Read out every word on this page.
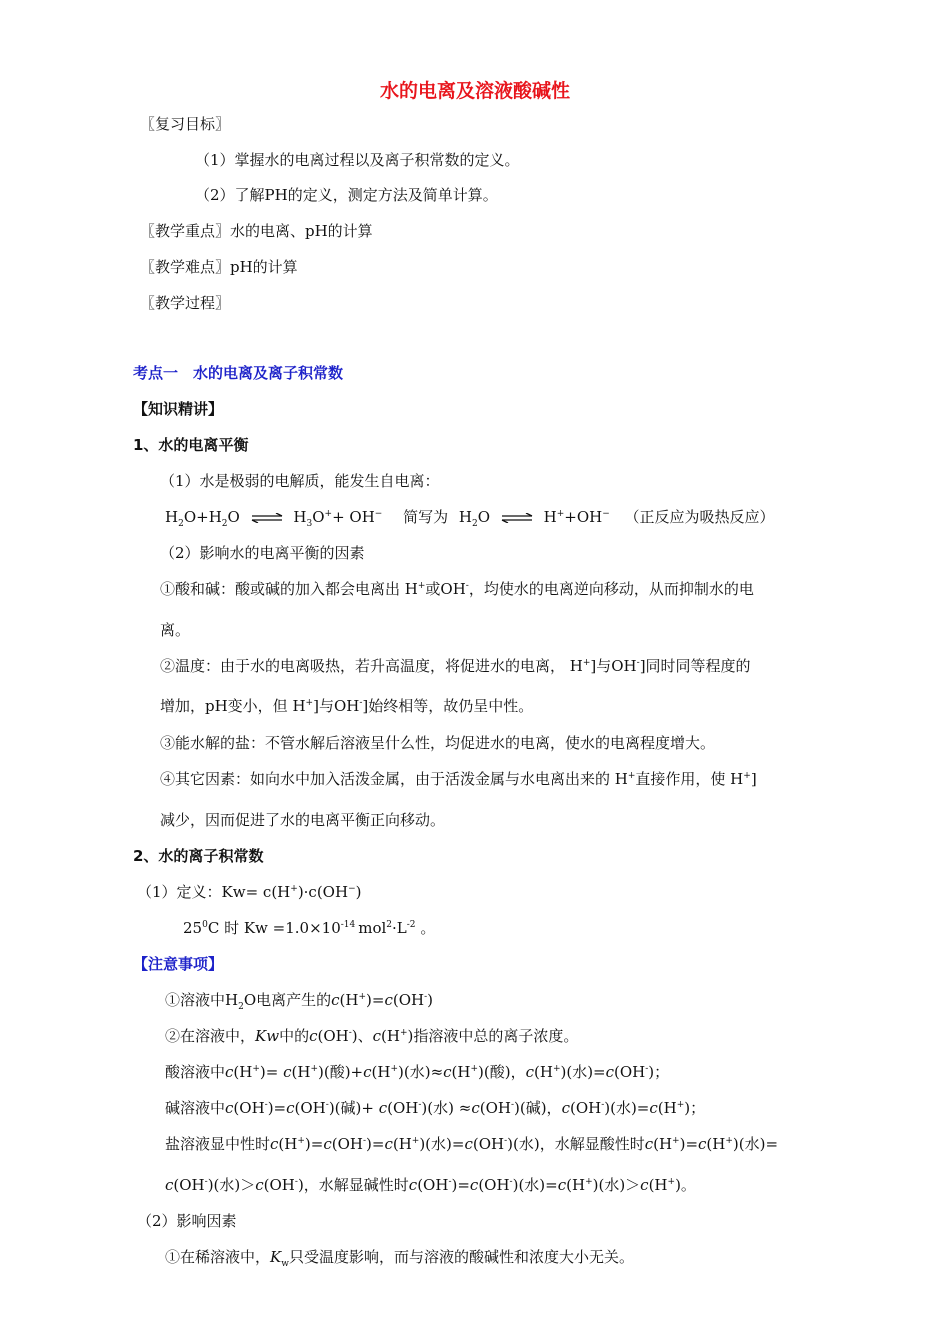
水的电离及溶液酸碱性
〖复习目标〗
（1）掌握水的电离过程以及离子积常数的定义。
（2）了解PH的定义，测定方法及简单计算。
〖教学重点〗水的电离、pH的计算
〖教学难点〗pH的计算
〖教学过程〗
考点一　水的电离及离子积常数
【知识精讲】
1、水的电离平衡
（1）水是极弱的电解质，能发生自电离：
$H_2O+H_2O$ ⇌ $H_3O^++ OH^-$ 简写为 $H_2O$ ⇌ H++OH− （正反应为吸热反应）
（2）影响水的电离平衡的因素
①酸和碱：酸或碱的加入都会电离出 H+或OH-，均使水的电离逆向移动，从而抑制水的电
离。
②温度：由于水的电离吸热，若升高温度，将促进水的电离， H+]与OH-]同时同等程度的
增加，pH变小，但 H+]与OH-]始终相等，故仍呈中性。
③能水解的盐：不管水解后溶液呈什么性，均促进水的电离，使水的电离程度增大。
④其它因素：如向水中加入活泼金属，由于活泼金属与水电离出来的 H+直接作用，使 H+]
减少，因而促进了水的电离平衡正向移动。
2、水的离子积常数
（1）定义：Kw= c(H+)·c(OH−)
$25^0C$ 时 $Kw =1.0\times 10^{-14}$ $mol^2\cdot L^{-2}$ 。
【注意事项】
①溶液中$H_2O$电离产生的c(H+)=c(OH-)
②在溶液中，Kw中的c(OH-)、c(H+)指溶液中总的离子浓度。
酸溶液中c(H+)= c(H+)(酸)+c(H+)(水)≈c(H+)(酸)，c(H+)(水)=c(OH-)；
碱溶液中c(OH-)=c(OH-)(碱)+ c(OH-)(水) ≈c(OH-)(碱)，c(OH-)(水)=c(H+)；
盐溶液显中性时c(H+)=c(OH-)=c(H+)(水)=c(OH-)(水)，水解显酸性时c(H+)=c(H+)(水)=
c(OH-)(水)＞c(OH-)，水解显碱性时c(OH-)=c(OH-)(水)=c(H+)(水)＞c(H+)。
（2）影响因素
①在稀溶液中，$K_w$只受温度影响，而与溶液的酸碱性和浓度大小无关。
